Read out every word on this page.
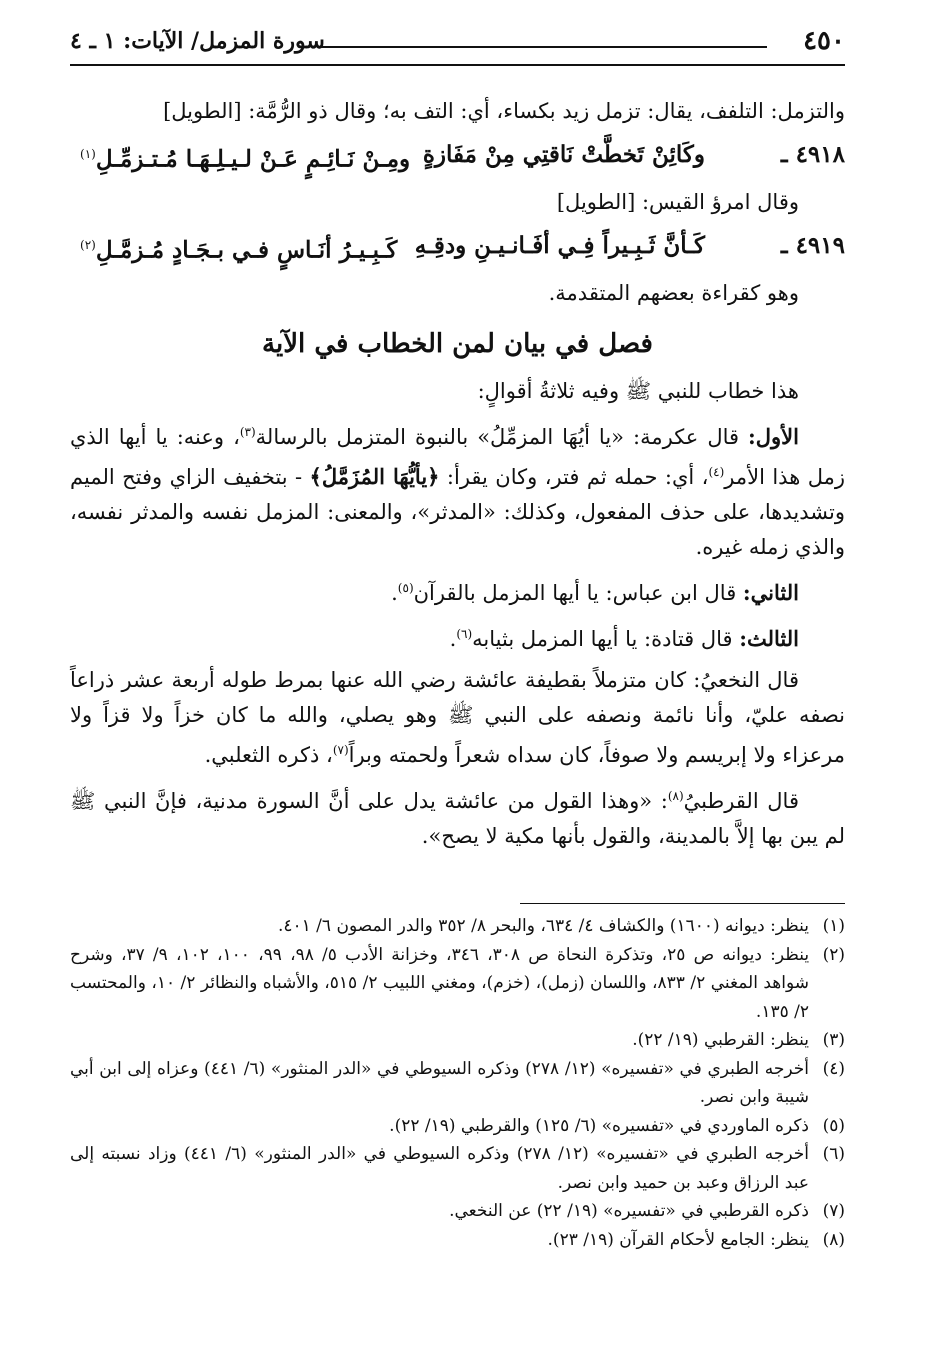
٤٥٠
سورة المزمل/ الآيات: ١ ـ ٤

والتزمل: التلفف، يقال: تزمل زيد بكساء، أي: التف به؛ وقال ذو الرُّمَّة: [الطويل]

٤٩١٨ ـ
وكَائِنْ تَخطَّتْ نَاقتِي مِنْ مَفَازةٍ
ومِـنْ نَـائِـمٍ عَـنْ لـيـلِـهَـا مُـتـزمِّـلِ$^{(١)}$

وقال امرؤ القيس: [الطويل]

٤٩١٩ ـ
كَـأنَّ ثَـبِـيراً فِـي أفَـانـيـنِ ودقِـهِ
كَـبِـيـرُ أنَـاسٍ فـي بـجَـادٍ مُـزمَّـلِ$^{(٢)}$

وهو كقراءة بعضهم المتقدمة.

فصل في بيان لمن الخطاب في الآية

هذا خطاب للنبي ﷺ وفيه ثلاثةُ أقوالٍ:

الأول: قال عكرمة: «يا أيُهَا المزمِّلُ» بالنبوة المتزمل بالرسالة$^{(٣)}$، وعنه: يا أيها الذي زمل هذا الأمر$^{(٤)}$، أي: حمله ثم فتر، وكان يقرأ: ﴿يأيُّهَا المُزَمَّلُ﴾ - بتخفيف الزاي وفتح الميم وتشديدها، على حذف المفعول، وكذلك: «المدثر»، والمعنى: المزمل نفسه والمدثر نفسه، والذي زمله غيره.

الثاني: قال ابن عباس: يا أيها المزمل بالقرآن$^{(٥)}$.

الثالث: قال قتادة: يا أيها المزمل بثيابه$^{(٦)}$.

قال النخعيُ: كان متزملاً بقطيفة عائشة رضي الله عنها بمرط طوله أربعة عشر ذراعاً نصفه عليّ، وأنا نائمة ونصفه على النبي ﷺ وهو يصلي، والله ما كان خزاً ولا قزاً ولا مرعزاء ولا إبريسم ولا صوفاً، كان سداه شعراً ولحمته وبراً$^{(٧)}$، ذكره الثعلبي.

قال القرطبيُ$^{(٨)}$: «وهذا القول من عائشة يدل على أنَّ السورة مدنية، فإنَّ النبي ﷺ لم يبن بها إلاَّ بالمدينة، والقول بأنها مكية لا يصح».

(١)
ينظر: ديوانه (١٦٠٠) والكشاف ٤/ ٦٣٤، والبحر ٨/ ٣٥٢ والدر المصون ٦/ ٤٠١.
(٢)
ينظر: ديوانه ص ٢٥، وتذكرة النحاة ص ٣٠٨، ٣٤٦، وخزانة الأدب ٥/ ٩٨، ٩٩، ١٠٠، ١٠٢، ٩/ ٣٧، وشرح شواهد المغني ٢/ ٨٣٣، واللسان (زمل)، (خزم)، ومغني اللبيب ٢/ ٥١٥، والأشباه والنظائر ٢/ ١٠، والمحتسب ٢/ ١٣٥.
(٣)
ينظر: القرطبي (١٩/ ٢٢).
(٤)
أخرجه الطبري في «تفسيره» (١٢/ ٢٧٨) وذكره السيوطي في «الدر المنثور» (٦/ ٤٤١) وعزاه إلى ابن أبي شيبة وابن نصر.
(٥)
ذكره الماوردي في «تفسيره» (٦/ ١٢٥) والقرطبي (١٩/ ٢٢).
(٦)
أخرجه الطبري في «تفسيره» (١٢/ ٢٧٨) وذكره السيوطي في «الدر المنثور» (٦/ ٤٤١) وزاد نسبته إلى عبد الرزاق وعبد بن حميد وابن نصر.
(٧)
ذكره القرطبي في «تفسيره» (١٩/ ٢٢) عن النخعي.
(٨)
ينظر: الجامع لأحكام القرآن (١٩/ ٢٣).
